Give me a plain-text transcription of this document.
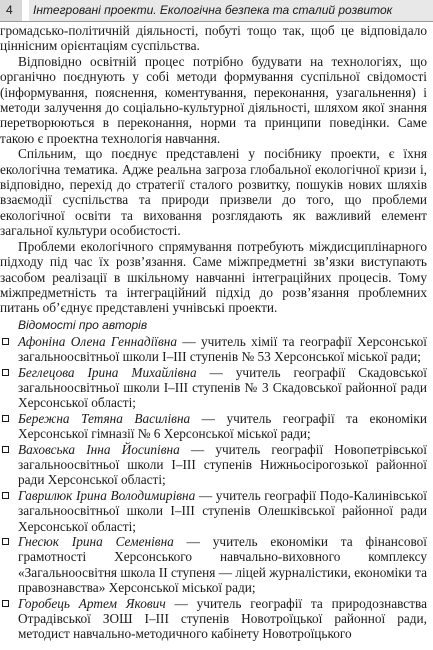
4	Інтегровані проекти. Екологічна безпека та сталий розвиток

громадсько-політичній діяльності, побуті тощо так, щоб це відповідало ціннісним орієнтаціям суспільства.

Відповідно освітній процес потрібно будувати на технологіях, що органічно поєднують у собі методи формування суспільної свідомості (інформування, пояснення, коментування, переконання, узагальнення) і методи залучення до соціально-культурної діяльності, шляхом якої знання перетворюються в переконання, норми та принципи поведінки. Саме такою є проектна технологія навчання.

Спільним, що поєднує представлені у посібнику проекти, є їхня екологічна тематика. Адже реальна загроза глобальної екологічної кризи і, відповідно, перехід до стратегії сталого розвитку, пошуків нових шляхів взаємодії суспільства та природи призвели до того, що проблеми екологічної освіти та виховання розглядають як важливий елемент загальної культури особистості.

Проблеми екологічного спрямування потребують міждисциплінарного підходу під час їх розв’язання. Саме міжпредметні зв’язки виступають засобом реалізації в шкільному навчанні інтеграційних процесів. Тому міжпредметність та інтеграційний підхід до розв’язання проблемних питань об’єднує представлені учнівські проекти.

Відомості про авторів
Афоніна Олена Геннадіївна — учитель хімії та географії Херсонської загальноосвітньої школи І–ІІІ ступенів № 53 Херсонської міської ради;
Беглецова Ірина Михайлівна — учитель географії Скадовської загальноосвітньої школи І–ІІІ ступенів № 3 Скадовської районної ради Херсонської області;
Бережна Тетяна Василівна — учитель географії та економіки Херсонської гімназії № 6 Херсонської міської ради;
Ваховська Інна Йосипівна — учитель географії Новопетрівської загальноосвітньої школи І–ІІІ ступенів Нижньосірогозької районної ради Херсонської області;
Гаврилюк Ірина Володимирівна — учитель географії Подо-Калинівської загальноосвітньої школи І–ІІІ ступенів Олешківської районної ради Херсонської області;
Гнесюк Ірина Семенівна — учитель економіки та фінансової грамотності Херсонського навчально-виховного комплексу «Загальноосвітня школа ІІ ступеня — ліцей журналістики, економіки та правознавства» Херсонської міської ради;
Горобець Артем Якович — учитель географії та природознавства Отрадівської ЗОШ І–ІІІ ступенів Новотроїцької районної ради, методист навчально-методичного кабінету Новотроїцького
